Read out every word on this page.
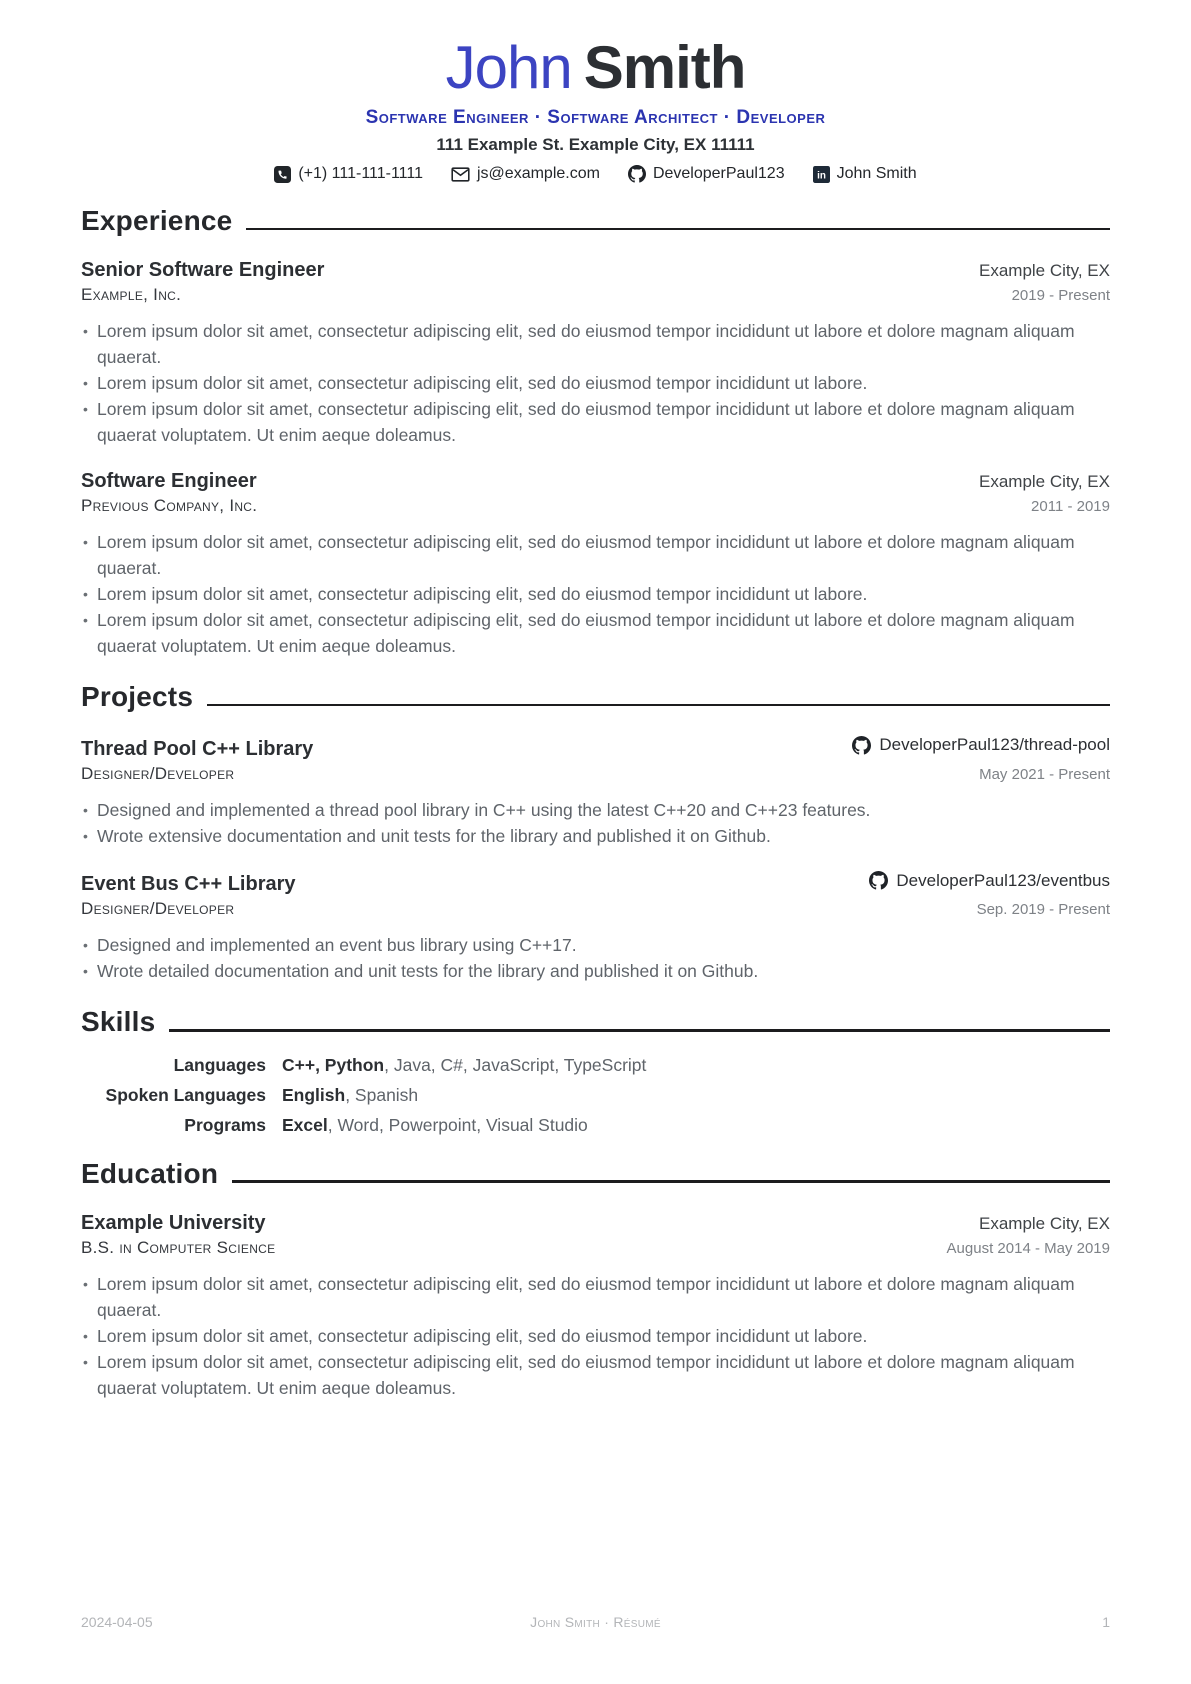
John Smith
Software Engineer · Software Architect · Developer
111 Example St. Example City, EX 11111
(+1) 111-111-1111	js@example.com	DeveloperPaul123 in John Smith
Experience
Senior Software Engineer	Example City, EX
Example, Inc.	2019 - Present
• Lorem ipsum dolor sit amet, consectetur adipiscing elit, sed do eiusmod tempor incididunt ut labore et dolore magnam aliquam quaerat.
• Lorem ipsum dolor sit amet, consectetur adipiscing elit, sed do eiusmod tempor incididunt ut labore.
• Lorem ipsum dolor sit amet, consectetur adipiscing elit, sed do eiusmod tempor incididunt ut labore et dolore magnam aliquam quaerat voluptatem. Ut enim aeque doleamus.
Software Engineer	Example City, EX
Previous Company, Inc.	2011 - 2019
• Lorem ipsum dolor sit amet, consectetur adipiscing elit, sed do eiusmod tempor incididunt ut labore et dolore magnam aliquam quaerat.
• Lorem ipsum dolor sit amet, consectetur adipiscing elit, sed do eiusmod tempor incididunt ut labore.
• Lorem ipsum dolor sit amet, consectetur adipiscing elit, sed do eiusmod tempor incididunt ut labore et dolore magnam aliquam quaerat voluptatem. Ut enim aeque doleamus.
Projects
Thread Pool C++ Library	DeveloperPaul123/thread-pool
Designer/Developer	May 2021 - Present
• Designed and implemented a thread pool library in C++ using the latest C++20 and C++23 features.
• Wrote extensive documentation and unit tests for the library and published it on Github.
Event Bus C++ Library	DeveloperPaul123/eventbus
Designer/Developer	Sep. 2019 - Present
• Designed and implemented an event bus library using C++17.
• Wrote detailed documentation and unit tests for the library and published it on Github.
Skills
Languages C++, Python, Java, C#, JavaScript, TypeScript
Spoken Languages English, Spanish
Programs Excel, Word, Powerpoint, Visual Studio
Education
Example University	Example City, EX
B.S. in Computer Science	August 2014 - May 2019
• Lorem ipsum dolor sit amet, consectetur adipiscing elit, sed do eiusmod tempor incididunt ut labore et dolore magnam aliquam quaerat.
• Lorem ipsum dolor sit amet, consectetur adipiscing elit, sed do eiusmod tempor incididunt ut labore.
• Lorem ipsum dolor sit amet, consectetur adipiscing elit, sed do eiusmod tempor incididunt ut labore et dolore magnam aliquam quaerat voluptatem. Ut enim aeque doleamus.
2024-04-05	John Smith · Résumé	1
